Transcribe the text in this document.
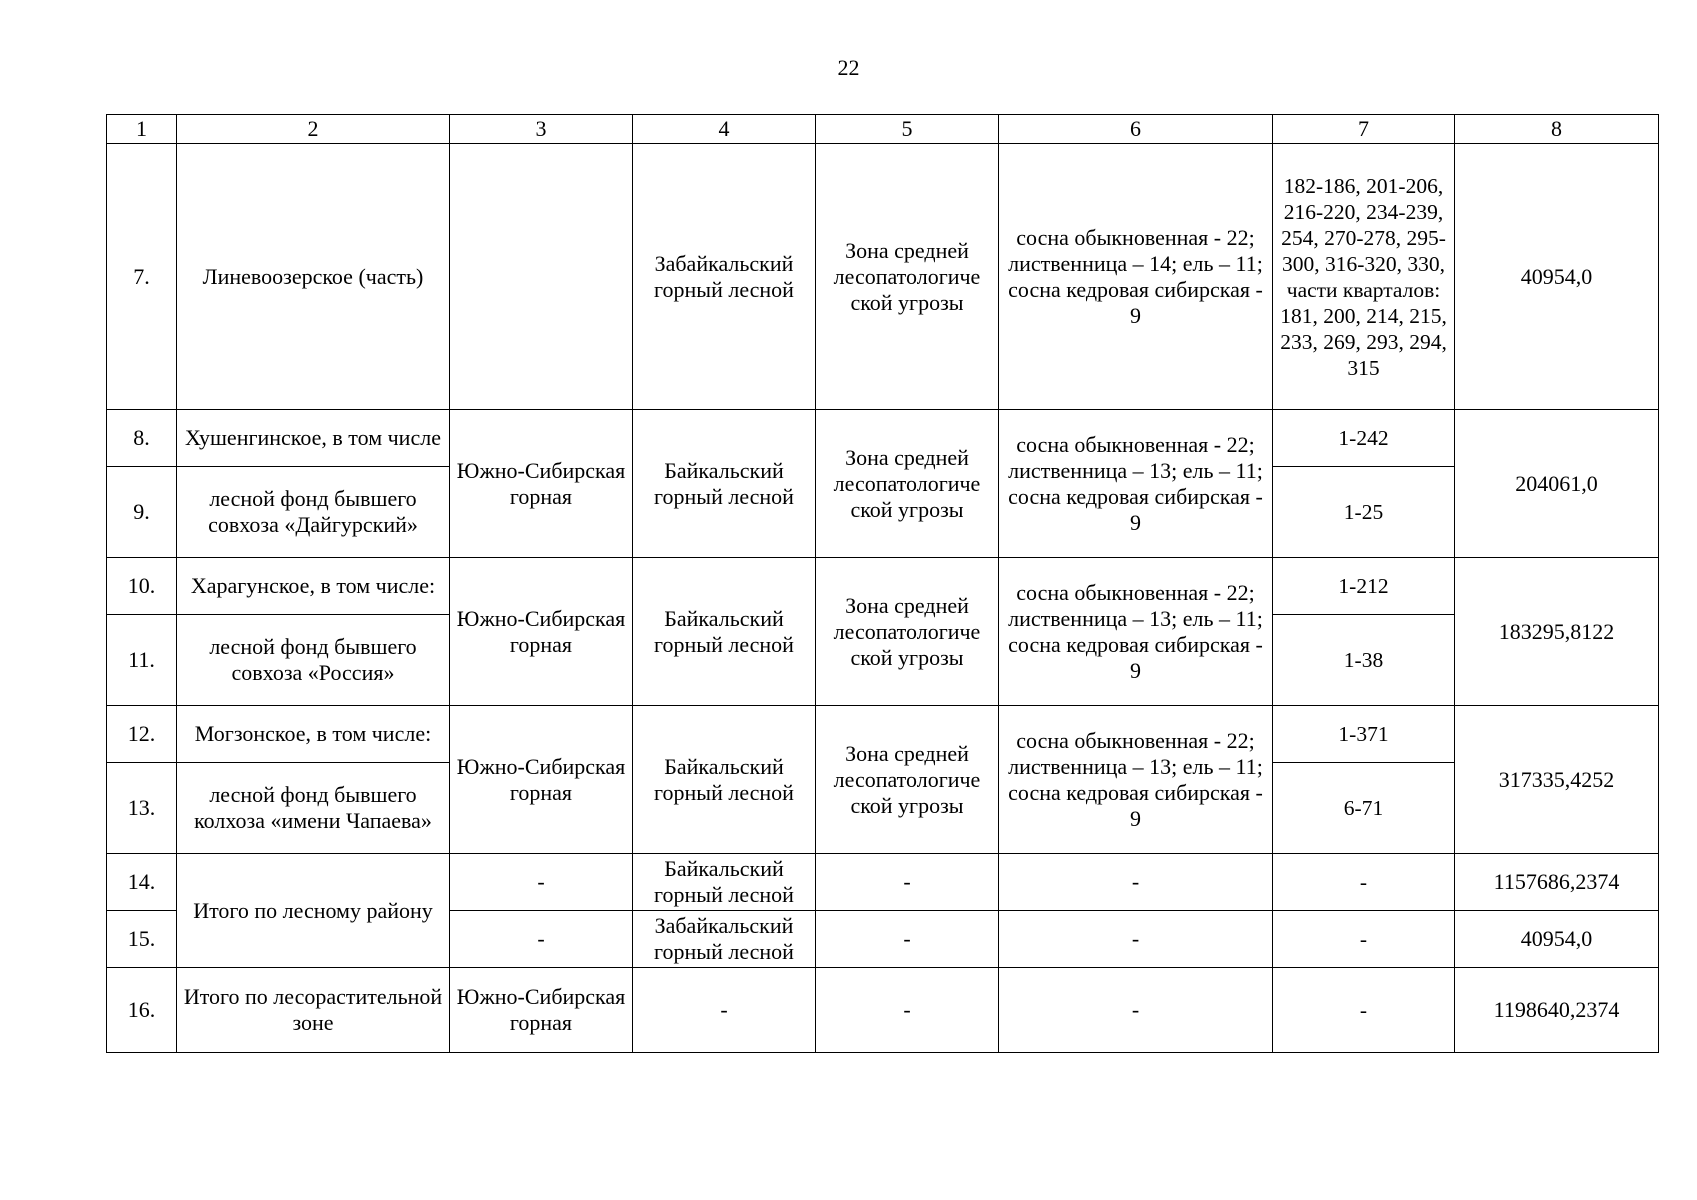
22
1	2	3	4	5	6	7	8
7.	Линевоозерское (часть)		Забайкальский горный лесной	Зона средней лесопатологиче ской угрозы	сосна обыкновенная - 22; лиственница – 14; ель – 11; сосна кедровая сибирская - 9	182-186, 201-206, 216-220, 234-239, 254, 270-278, 295-300, 316-320, 330, части кварталов: 181, 200, 214, 215, 233, 269, 293, 294, 315	40954,0
8.	Хушенгинское, в том числе	Южно-Сибирская горная	Байкальский горный лесной	Зона средней лесопатологиче ской угрозы	сосна обыкновенная - 22; лиственница – 13; ель – 11; сосна кедровая сибирская - 9	1-242	204061,0
9.	лесной фонд бывшего совхоза «Дайгурский»					1-25	
10.	Харагунское, в том числе:	Южно-Сибирская горная	Байкальский горный лесной	Зона средней лесопатологиче ской угрозы	сосна обыкновенная - 22; лиственница – 13; ель – 11; сосна кедровая сибирская - 9	1-212	183295,8122
11.	лесной фонд бывшего совхоза «Россия»					1-38	
12.	Могзонское, в том числе:	Южно-Сибирская горная	Байкальский горный лесной	Зона средней лесопатологиче ской угрозы	сосна обыкновенная - 22; лиственница – 13; ель – 11; сосна кедровая сибирская - 9	1-371	317335,4252
13.	лесной фонд бывшего колхоза «имени Чапаева»					6-71	
14.	Итого по лесному району	-	Байкальский горный лесной	-	-	-	1157686,2374
15.		-	Забайкальский горный лесной	-	-	-	40954,0
16.	Итого по лесорастительной зоне	Южно-Сибирская горная	-	-	-	-	1198640,2374
